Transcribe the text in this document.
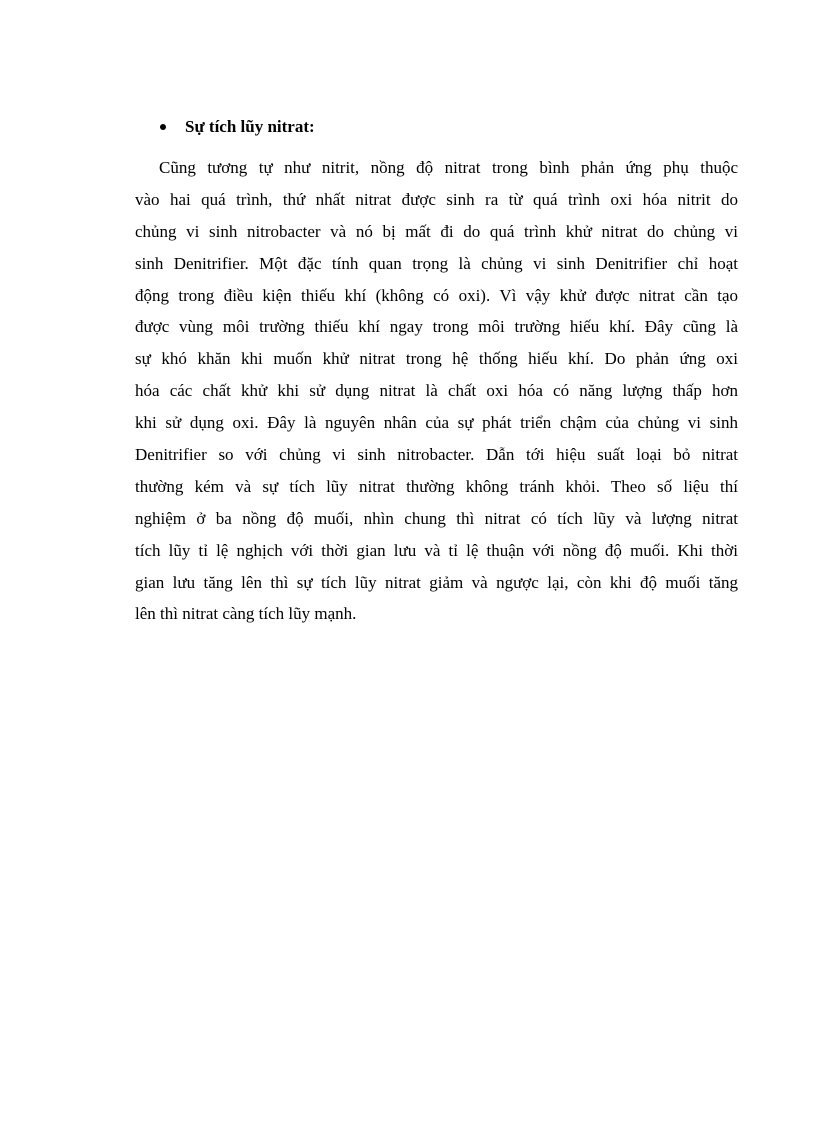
Sự tích lũy nitrat:
Cũng tương tự như nitrit, nồng độ nitrat trong bình phản ứng phụ thuộc
vào hai quá trình, thứ nhất nitrat được sinh ra từ quá trình oxi hóa nitrit do
chủng vi sinh nitrobacter và nó bị mất đi do quá trình khử nitrat do chủng vi
sinh Denitrifier. Một đặc tính quan trọng là chủng vi sinh Denitrifier chỉ hoạt
động trong điều kiện thiếu khí (không có oxi). Vì vậy khử được nitrat cần tạo
được vùng môi trường thiếu khí ngay trong môi trường hiếu khí. Đây cũng là
sự khó khăn khi muốn khử nitrat trong hệ thống hiếu khí. Do phản ứng oxi
hóa các chất khử khi sử dụng nitrat là chất oxi hóa có năng lượng thấp hơn
khi sử dụng oxi. Đây là nguyên nhân của sự phát triển chậm của chủng vi sinh
Denitrifier so với chủng vi sinh nitrobacter. Dẫn tới hiệu suất loại bỏ nitrat
thường kém và sự tích lũy nitrat thường không tránh khỏi. Theo số liệu thí
nghiệm ở ba nồng độ muối, nhìn chung thì nitrat có tích lũy và lượng nitrat
tích lũy tỉ lệ nghịch với thời gian lưu và tỉ lệ thuận với nồng độ muối. Khi thời
gian lưu tăng lên thì sự tích lũy nitrat giảm và ngược lại, còn khi độ muối tăng
lên thì nitrat càng tích lũy mạnh.
